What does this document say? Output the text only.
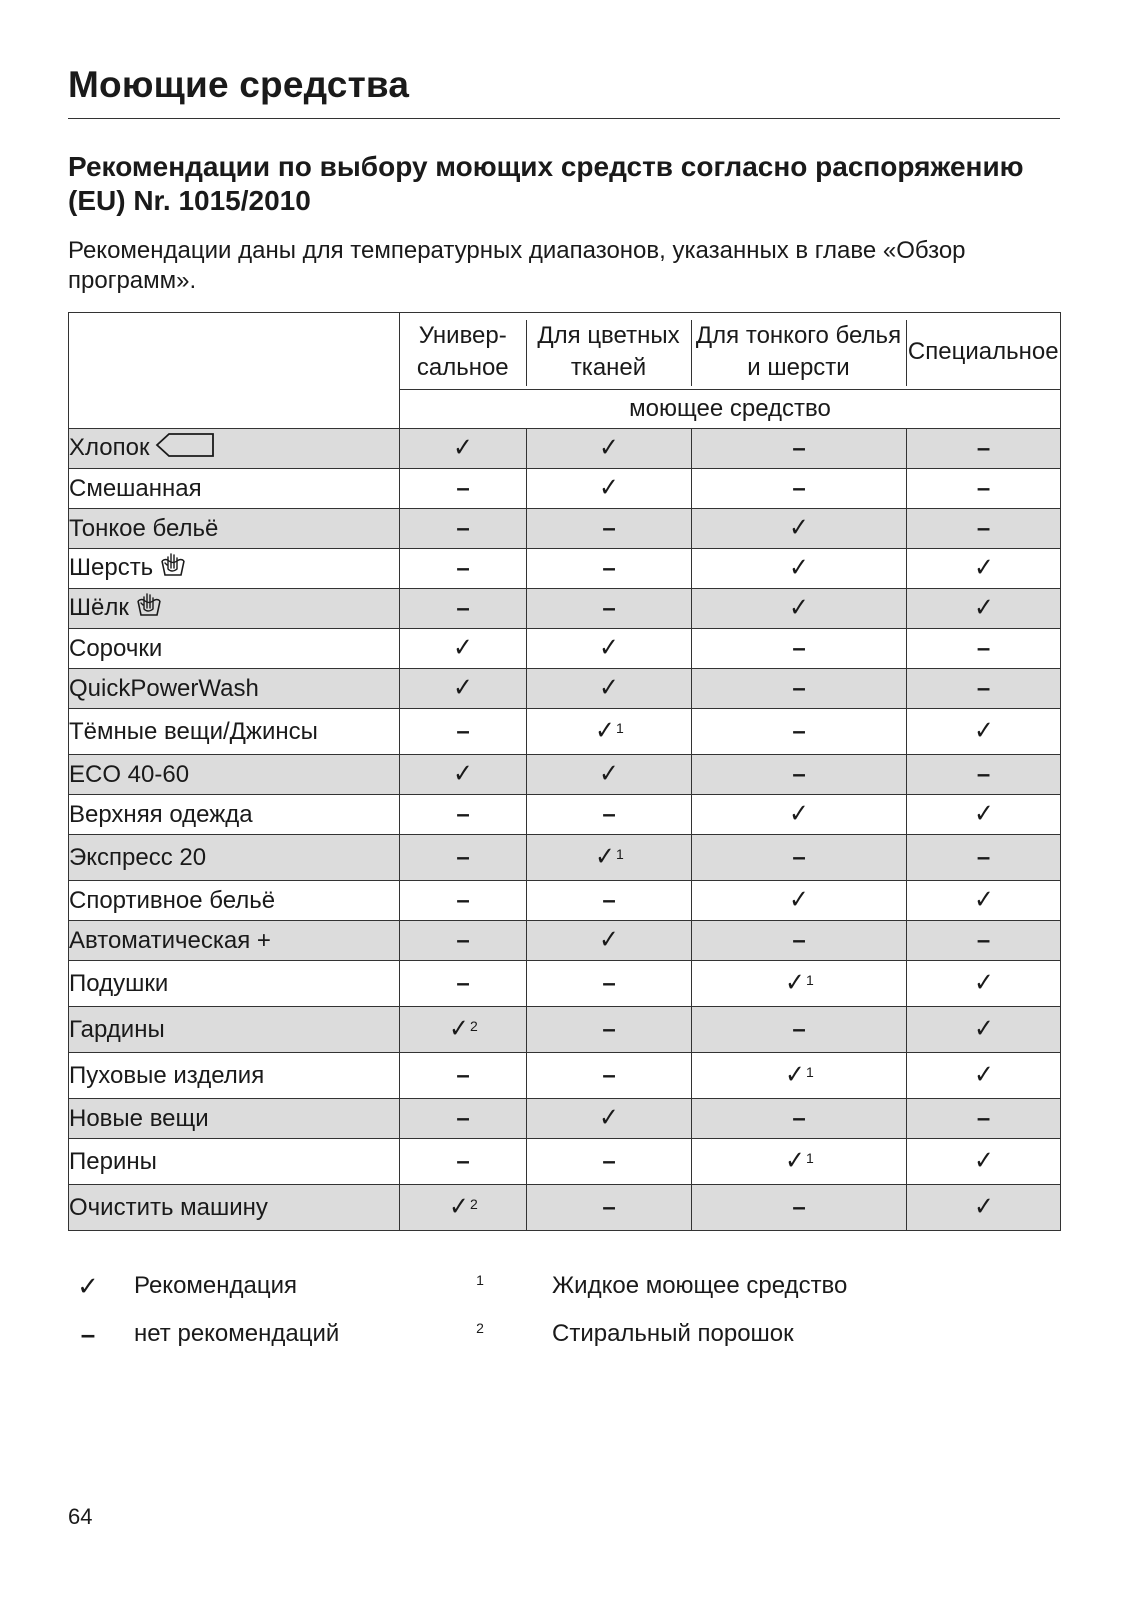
Моющие средства
Рекомендации по выбору моющих средств согласно распоряжению (EU) Nr. 1015/2010

Рекомендации даны для температурных диапазонов, указанных в главе «Обзор программ».

	Универсальное	Для цветных тканей	Для тонкого белья и шерсти	Специальное

	моющее средство			
Хлопок	✓	✓	–	–
Смешанная	–	✓	–	–
Тонкое бельё	–	–	✓	–
Шерсть	–	–	✓	✓
Шёлк	–	–	✓	✓
Сорочки	✓	✓	–	–
QuickPowerWash	✓	✓	–	–
Тёмные вещи/Джинсы	–	✓$^1$	–	✓
ECO 40-60	✓	✓	–	–
Верхняя одежда	–	–	✓	✓
Экспресс 20	–	✓$^1$	–	–
Спортивное бельё	–	–	✓	✓
Автоматическая +	–	✓	–	–
Подушки	–	–	✓$^1$	✓
Гардины	✓$^2$	–	–	✓
Пуховые изделия	–	–	✓$^1$	✓
Новые вещи	–	✓	–	–
Перины	–	–	✓$^1$	✓
Очистить машину	✓$^2$	–	–	✓
✓	Рекомендация
–	нет рекомендаций
1	Жидкое моющее средство
2	Стиральный порошок
64
